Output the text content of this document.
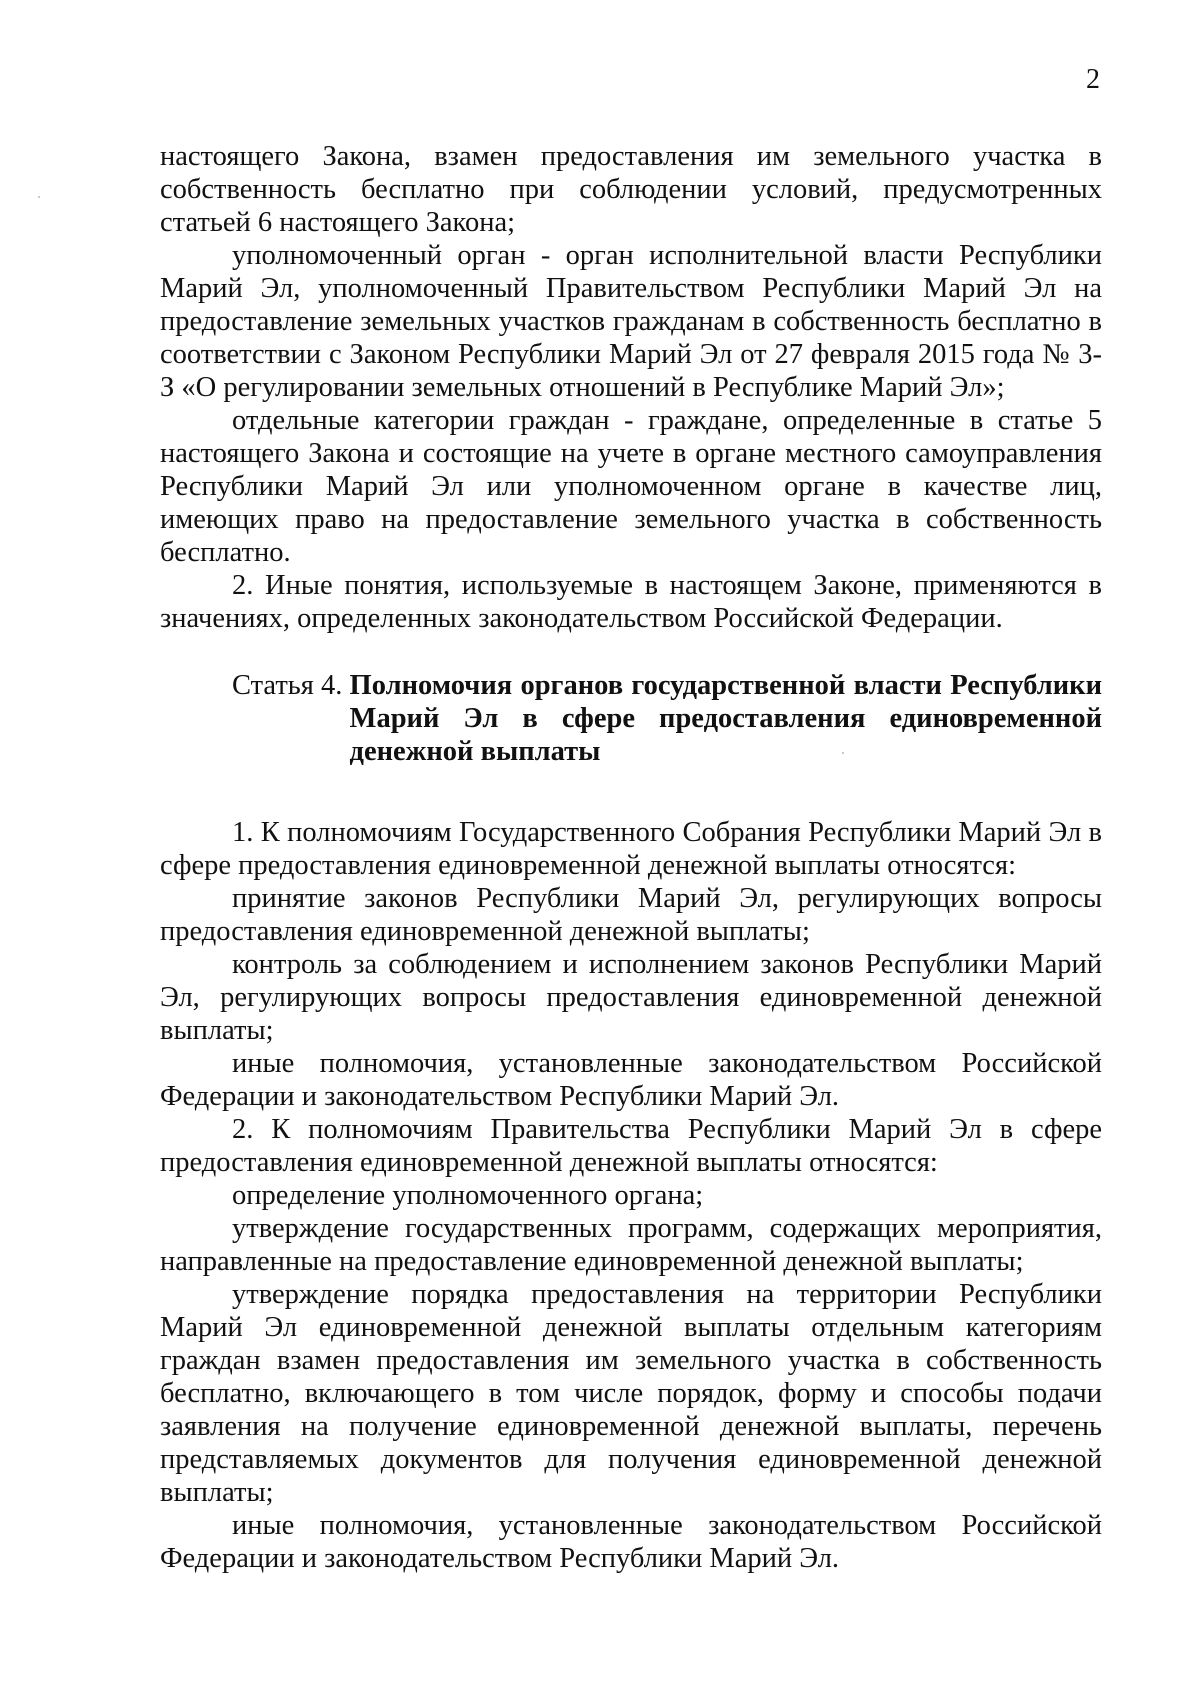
2

настоящего Закона, взамен предоставления им земельного участка в собственность бесплатно при соблюдении условий, предусмотренных статьей 6 настоящего Закона;

уполномоченный орган - орган исполнительной власти Республики Марий Эл, уполномоченный Правительством Республики Марий Эл на предоставление земельных участков гражданам в собственность бесплатно в соответствии с Законом Республики Марий Эл от 27 февраля 2015 года № 3-З «О регулировании земельных отношений в Республике Марий Эл»;

отдельные категории граждан - граждане, определенные в статье 5 настоящего Закона и состоящие на учете в органе местного самоуправления Республики Марий Эл или уполномоченном органе в качестве лиц, имеющих право на предоставление земельного участка в собственность бесплатно.

2. Иные понятия, используемые в настоящем Законе, применяются в значениях, определенных законодательством Российской Федерации.

Статья 4. Полномочия органов государственной власти Республики Марий Эл в сфере предоставления единовременной денежной выплаты

1. К полномочиям Государственного Собрания Республики Марий Эл в сфере предоставления единовременной денежной выплаты относятся:

принятие законов Республики Марий Эл, регулирующих вопросы предоставления единовременной денежной выплаты;

контроль за соблюдением и исполнением законов Республики Марий Эл, регулирующих вопросы предоставления единовременной денежной выплаты;

иные полномочия, установленные законодательством Российской Федерации и законодательством Республики Марий Эл.

2. К полномочиям Правительства Республики Марий Эл в сфере предоставления единовременной денежной выплаты относятся:

определение уполномоченного органа;

утверждение государственных программ, содержащих мероприятия, направленные на предоставление единовременной денежной выплаты;

утверждение порядка предоставления на территории Республики Марий Эл единовременной денежной выплаты отдельным категориям граждан взамен предоставления им земельного участка в собственность бесплатно, включающего в том числе порядок, форму и способы подачи заявления на получение единовременной денежной выплаты, перечень представляемых документов для получения единовременной денежной выплаты;

иные полномочия, установленные законодательством Российской Федерации и законодательством Республики Марий Эл.
